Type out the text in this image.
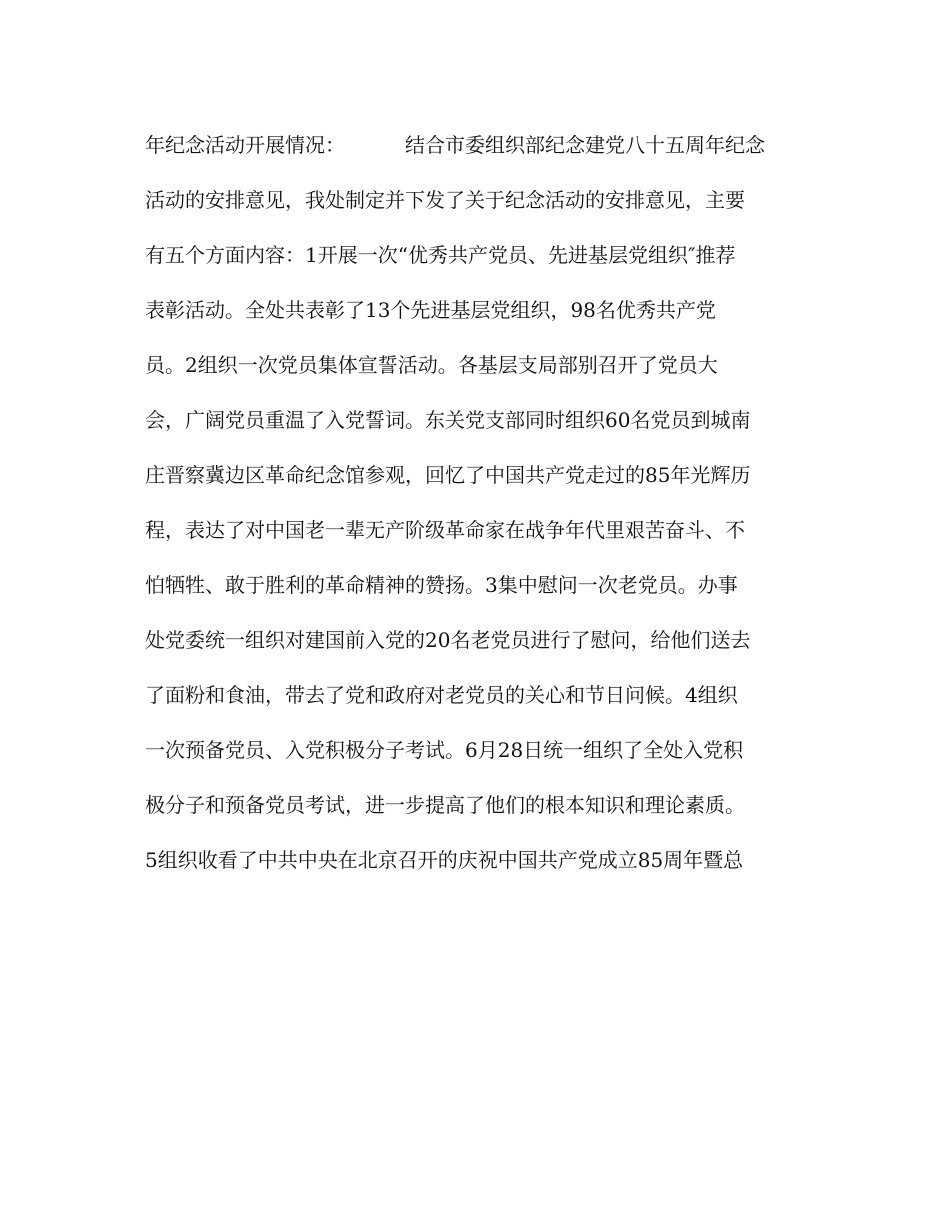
年纪念活动开展情况：	结合市委组织部纪念建党八十五周年纪念
活动的安排意见，我处制定并下发了关于纪念活动的安排意见，主要
有五个方面内容：1开展一次“优秀共产党员、先进基层党组织″推荐
表彰活动。全处共表彰了13个先进基层党组织，98名优秀共产党
员。2组织一次党员集体宣誓活动。各基层支局部别召开了党员大
会，广阔党员重温了入党誓词。东关党支部同时组织60名党员到城南
庄晋察冀边区革命纪念馆参观，回忆了中国共产党走过的85年光辉历
程，表达了对中国老一辈无产阶级革命家在战争年代里艰苦奋斗、不
怕牺牲、敢于胜利的革命精神的赞扬。3集中慰问一次老党员。办事
处党委统一组织对建国前入党的20名老党员进行了慰问，给他们送去
了面粉和食油，带去了党和政府对老党员的关心和节日问候。4组织
一次预备党员、入党积极分子考试。6月28日统一组织了全处入党积
极分子和预备党员考试，进一步提高了他们的根本知识和理论素质。
5组织收看了中共中央在北京召开的庆祝中国共产党成立85周年暨总
